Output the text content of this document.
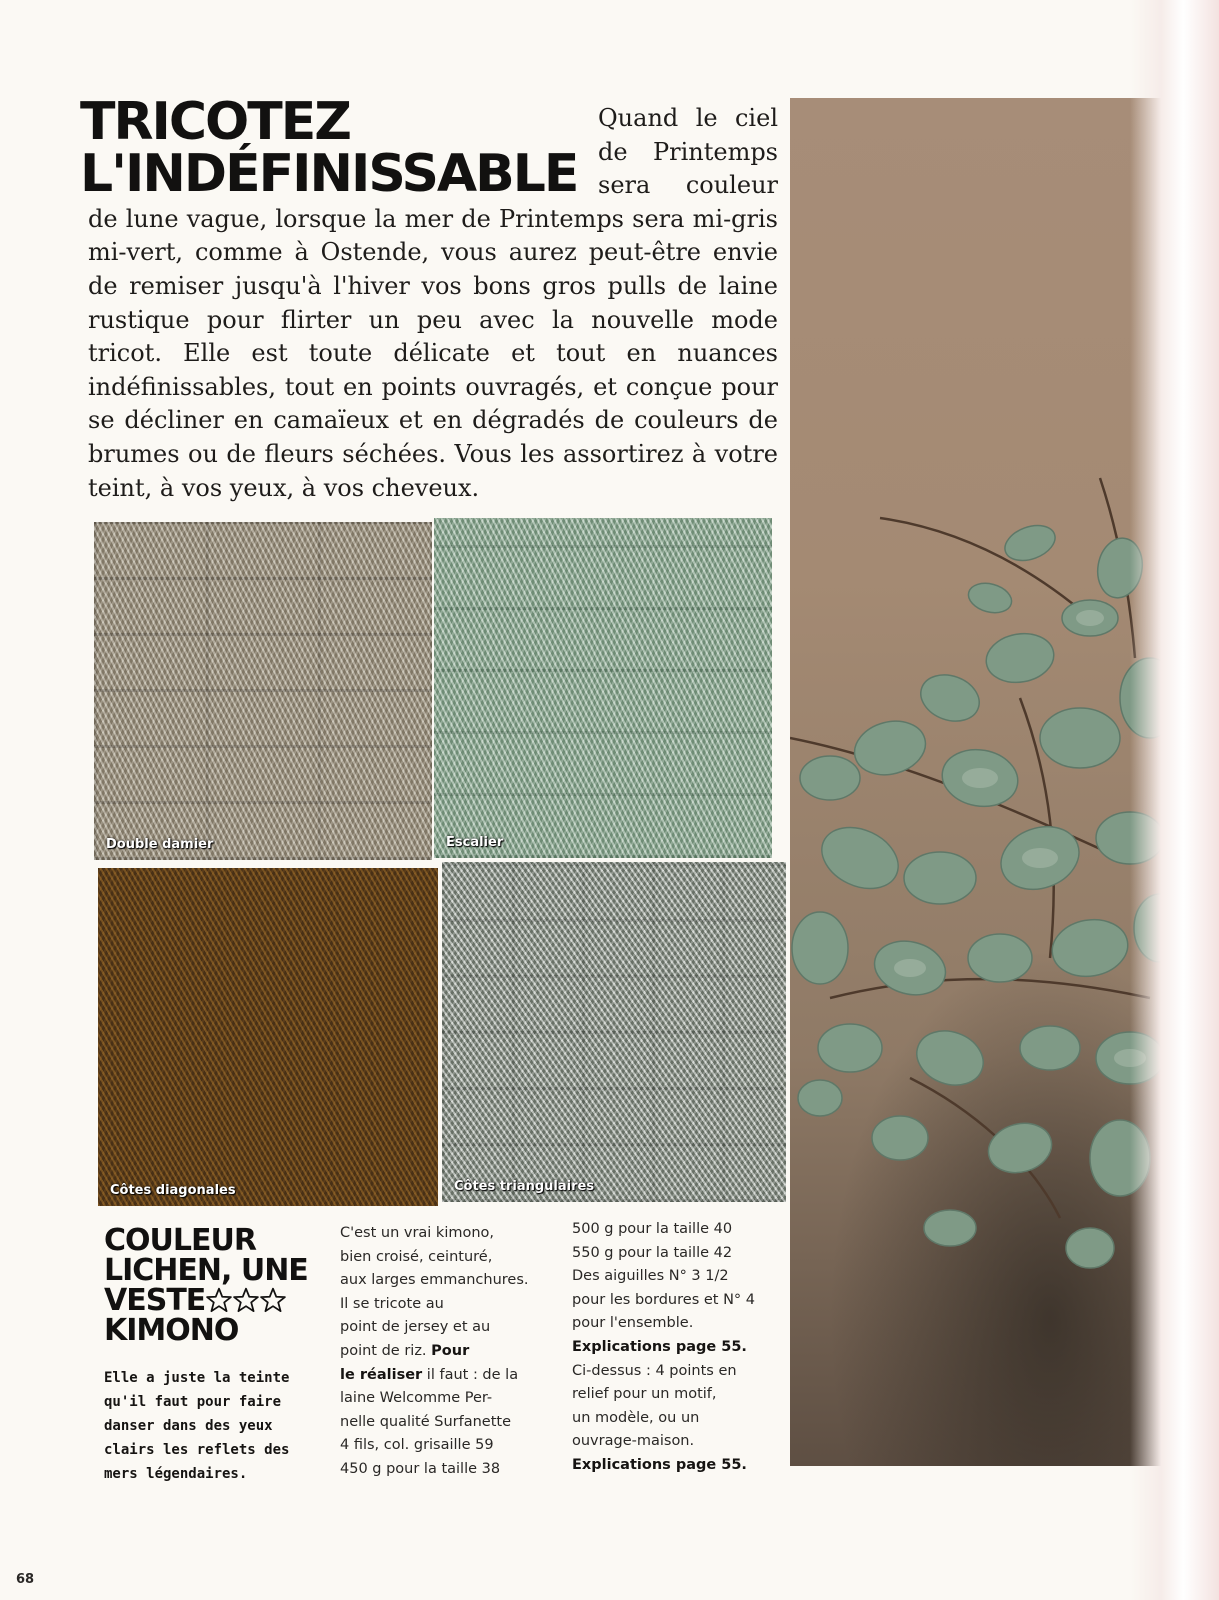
TRICOTEZ
L'INDÉFINISSABLE

Quand le ciel de Printemps sera couleur de lune vague, lorsque la mer de Printemps sera mi-gris mi-vert, comme à Ostende, vous aurez peut-être envie de remiser jusqu'à l'hiver vos bons gros pulls de laine rustique pour flirter un peu avec la nouvelle mode tricot. Elle est toute délicate et tout en nuances indéfinissables, tout en points ouvragés, et conçue pour se décliner en camaïeux et en dégradés de couleurs de brumes ou de fleurs séchées. Vous les assortirez à votre teint, à vos yeux, à vos cheveux.

Double damier	Escalier
Côtes diagonales	Côtes triangulaires
COULEUR
LICHEN, UNE
VESTE
KIMONO

Elle a juste la teinte qu'il faut pour faire danser dans des yeux clairs les reflets des mers légendaires.

C'est un vrai kimono,
bien croisé, ceinturé,
aux larges emmanchures.
Il se tricote au
point de jersey et au
point de riz. Pour
le réaliser il faut : de la
laine Welcomme Per-
nelle qualité Surfanette
4 fils, col. grisaille 59
450 g pour la taille 38
500 g pour la taille 40
550 g pour la taille 42
Des aiguilles N° 3 1/2
pour les bordures et N° 4
pour l'ensemble.
Explications page 55.
Ci-dessus : 4 points en
relief pour un motif,
un modèle, ou un
ouvrage-maison.
Explications page 55.
68
